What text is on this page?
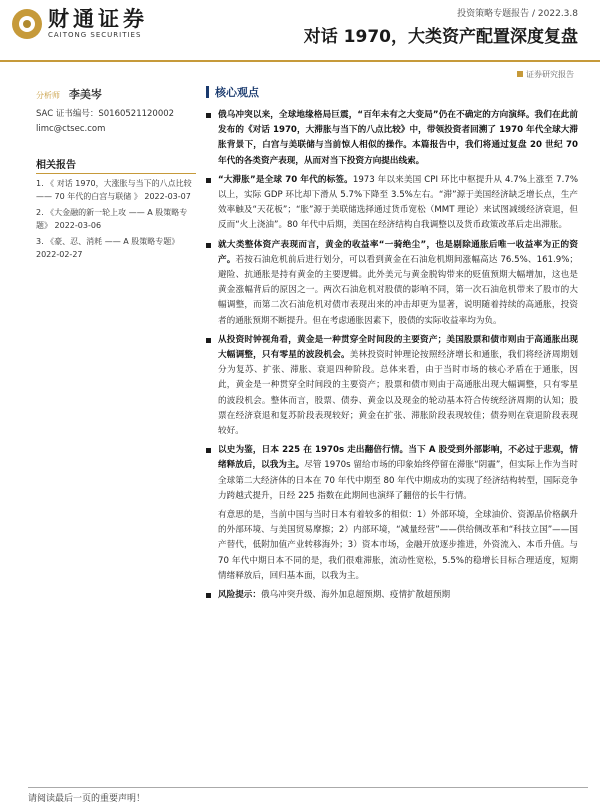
财通证券
CAITONG SECURITIES
投资策略专题报告 / 2022.3.8
对话 1970，大类资产配置深度复盘
证券研究报告
分析师 李美岑
SAC 证书编号：S0160521120002
limc@ctsec.com
相关报告
1. 《 对话 1970，大涨胀与当下的八点比较 —— 70 年代的白宫与联储 》 2022-03-07
2. 《大金融的新一轮上攻 —— A 股策略专题》 2022-03-06
3. 《豪、忍、消耗 —— A 股策略专题》 2022-02-27
核心观点
俄乌冲突以来，全球地缘格局巨震，“百年未有之大变局”仍在不确定的方向演绎。我们在此前发布的《对话 1970，大滞胀与当下的八点比较》中，带领投资者回溯了 1970 年代全球大滞胀背景下，白宫与美联储与当前惊人相似的操作。本篇报告中，我们将通过复盘 20 世纪 70 年代的各类资产表现，从而对当下投资方向提出线索。
“大滞胀”是全球 70 年代的标签。1973 年以来美国 CPI 环比中枢提升从 4.7%上涨至 7.7%以上，实际 GDP 环比却下滑从 5.7%下降至 3.5%左右。“滞”源于美国经济缺乏增长点，生产效率触及“天花板”；“胀”源于美联储选择通过货币宽松（MMT 理论）来试图减缓经济衰退，但反而“火上浇油”。80 年代中后期，美国在经济结构自我调整以及货币政策改革后走出滞胀。
就大类整体资产表现而言，黄金的收益率“一骑绝尘”，也是剔除通胀后唯一收益率为正的资产。若按石油危机前后进行划分，可以看到黄金在石油危机期间涨幅高达 76.5%、161.9%；避险、抗通胀是持有黄金的主要逻辑。此外美元与黄金脱钩带来的贬值预期大幅增加，这也是黄金涨幅背后的原因之一。两次石油危机对股债的影响不同，第一次石油危机带来了股市的大幅调整，而第二次石油危机对债市表现出来的冲击却更为显著，说明随着持续的高通胀，投资者的通胀预期不断提升。但在考虑通胀因素下，股债的实际收益率均为负。
从投资时钟视角看，黄金是一种贯穿全时间段的主要资产；美国股票和债市则由于高通胀出现大幅调整，只有零星的波段机会。美林投资时钟理论按照经济增长和通胀，我们将经济周期划分为复苏、扩张、滞胀、衰退四种阶段。总体来看，由于当时市场的核心矛盾在于通胀，因此，黄金是一种贯穿全时间段的主要资产；股票和债市则由于高通胀出现大幅调整，只有零星的波段机会。整体而言，股票、债券、黄金以及现金的轮动基本符合传统经济周期的认知；股票在经济衰退和复苏阶段表现较好；黄金在扩张、滞胀阶段表现较佳；债券则在衰退阶段表现较好。
以史为鉴，日本 225 在 1970s 走出翻倍行情。当下 A 股受到外部影响，不必过于悲观，情绪释放后，以我为主。尽管 1970s 留给市场的印象始终停留在滞胀“阴霾”，但实际上作为当时全球第二大经济体的日本在 70 年代中期至 80 年代中期成功的实现了经济结构转型，国际竞争力跨越式提升，日经 225 指数在此期间也演绎了翻倍的长牛行情。
有意思的是，当前中国与当时日本有着较多的相似：1）外部环境，全球油价、资源品价格飙升的外部环境、与美国贸易摩擦；2）内部环境，“减量经营”——供给侧改革和“科技立国”——国产替代，低附加值产业转移海外；3）资本市场，金融开放逐步推进，外资流入、本币升值。与 70 年代中期日本不同的是，我们很难滞胀，流动性宽松，5.5%的稳增长目标合理适度，短期情绪释放后，回归基本面，以我为主。
风险提示：俄乌冲突升级、海外加息超预期、疫情扩散超预期
请阅读最后一页的重要声明！
